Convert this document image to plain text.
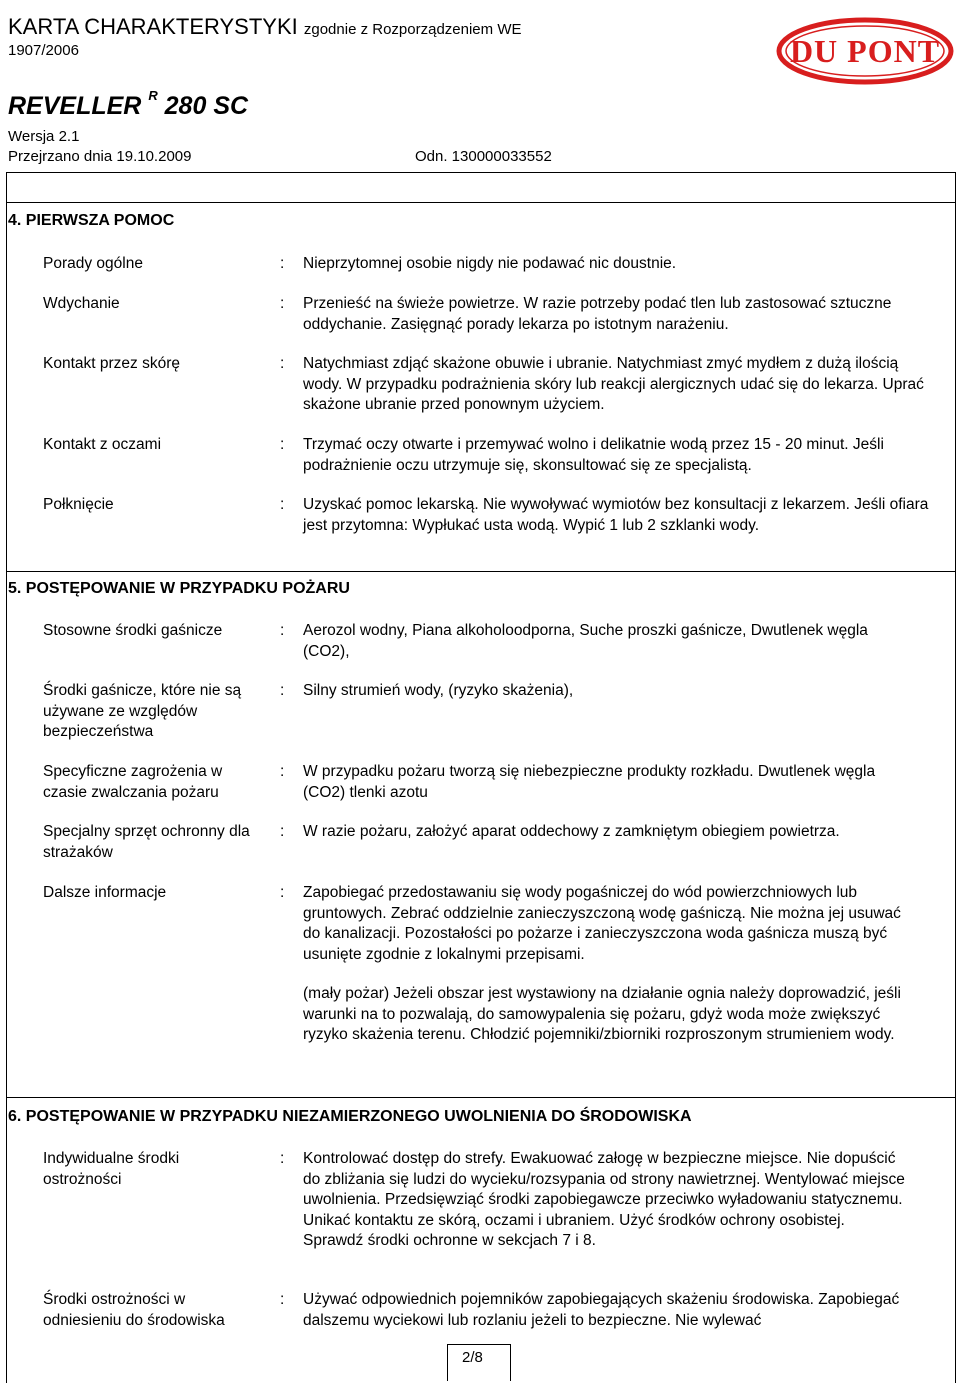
KARTA CHARAKTERYSTYKI zgodnie z Rozporządzeniem WE
1907/2006
REVELLER $^R$ 280 SC
Wersja 2.1
Przejrzano dnia 19.10.2009	Odn. 130000033552
DU PONT
4. PIERWSZA POMOC
Porady ogólne	: Nieprzytomnej osobie nigdy nie podawać nic doustnie.
Wdychanie	: Przenieść na świeże powietrze. W razie potrzeby podać tlen lub zastosować sztuczne oddychanie. Zasięgnąć porady lekarza po istotnym narażeniu.
Kontakt przez skórę	: Natychmiast zdjąć skażone obuwie i ubranie. Natychmiast zmyć mydłem z dużą ilością wody. W przypadku podrażnienia skóry lub reakcji alergicznych udać się do lekarza. Uprać skażone ubranie przed ponownym użyciem.
Kontakt z oczami	: Trzymać oczy otwarte i przemywać wolno i delikatnie wodą przez 15 - 20 minut. Jeśli podrażnienie oczu utrzymuje się, skonsultować się ze specjalistą.
Połknięcie	: Uzyskać pomoc lekarską. Nie wywoływać wymiotów bez konsultacji z lekarzem. Jeśli ofiara jest przytomna: Wypłukać usta wodą. Wypić 1 lub 2 szklanki wody.
5. POSTĘPOWANIE W PRZYPADKU POŻARU
Stosowne środki gaśnicze	: Aerozol wodny, Piana alkoholoodporna, Suche proszki gaśnicze, Dwutlenek węgla (CO2),
Środki gaśnicze, które nie są używane ze względów bezpieczeństwa
: Silny strumień wody, (ryzyko skażenia),
Specyficzne zagrożenia w czasie zwalczania pożaru
: W przypadku pożaru tworzą się niebezpieczne produkty rozkładu. Dwutlenek węgla (CO2) tlenki azotu
Specjalny sprzęt ochronny dla strażaków
: W razie pożaru, założyć aparat oddechowy z zamkniętym obiegiem powietrza.
Dalsze informacje	: Zapobiegać przedostawaniu się wody pogaśniczej do wód powierzchniowych lub gruntowych. Zebrać oddzielnie zanieczyszczoną wodę gaśniczą. Nie można jej usuwać do kanalizacji. Pozostałości po pożarze i zanieczyszczona woda gaśnicza muszą być usunięte zgodnie z lokalnymi przepisami.
(mały pożar) Jeżeli obszar jest wystawiony na działanie ognia należy doprowadzić, jeśli warunki na to pozwalają, do samowypalenia się pożaru, gdyż woda może zwiększyć ryzyko skażenia terenu. Chłodzić pojemniki/zbiorniki rozproszonym strumieniem wody.
6. POSTĘPOWANIE W PRZYPADKU NIEZAMIERZONEGO UWOLNIENIA DO ŚRODOWISKA
Indywidualne środki ostrożności
: Kontrolować dostęp do strefy. Ewakuować załogę w bezpieczne miejsce. Nie dopuścić do zbliżania się ludzi do wycieku/rozsypania od strony nawietrznej. Wentylować miejsce uwolnienia. Przedsięwziąć środki zapobiegawcze przeciwko wyładowaniu statycznemu. Unikać kontaktu ze skórą, oczami i ubraniem. Użyć środków ochrony osobistej. Sprawdź środki ochronne w sekcjach 7 i 8.
Środki ostrożności w odniesieniu do środowiska
: Używać odpowiednich pojemników zapobiegających skażeniu środowiska. Zapobiegać dalszemu wyciekowi lub rozlaniu jeżeli to bezpieczne. Nie wylewać
2/8
